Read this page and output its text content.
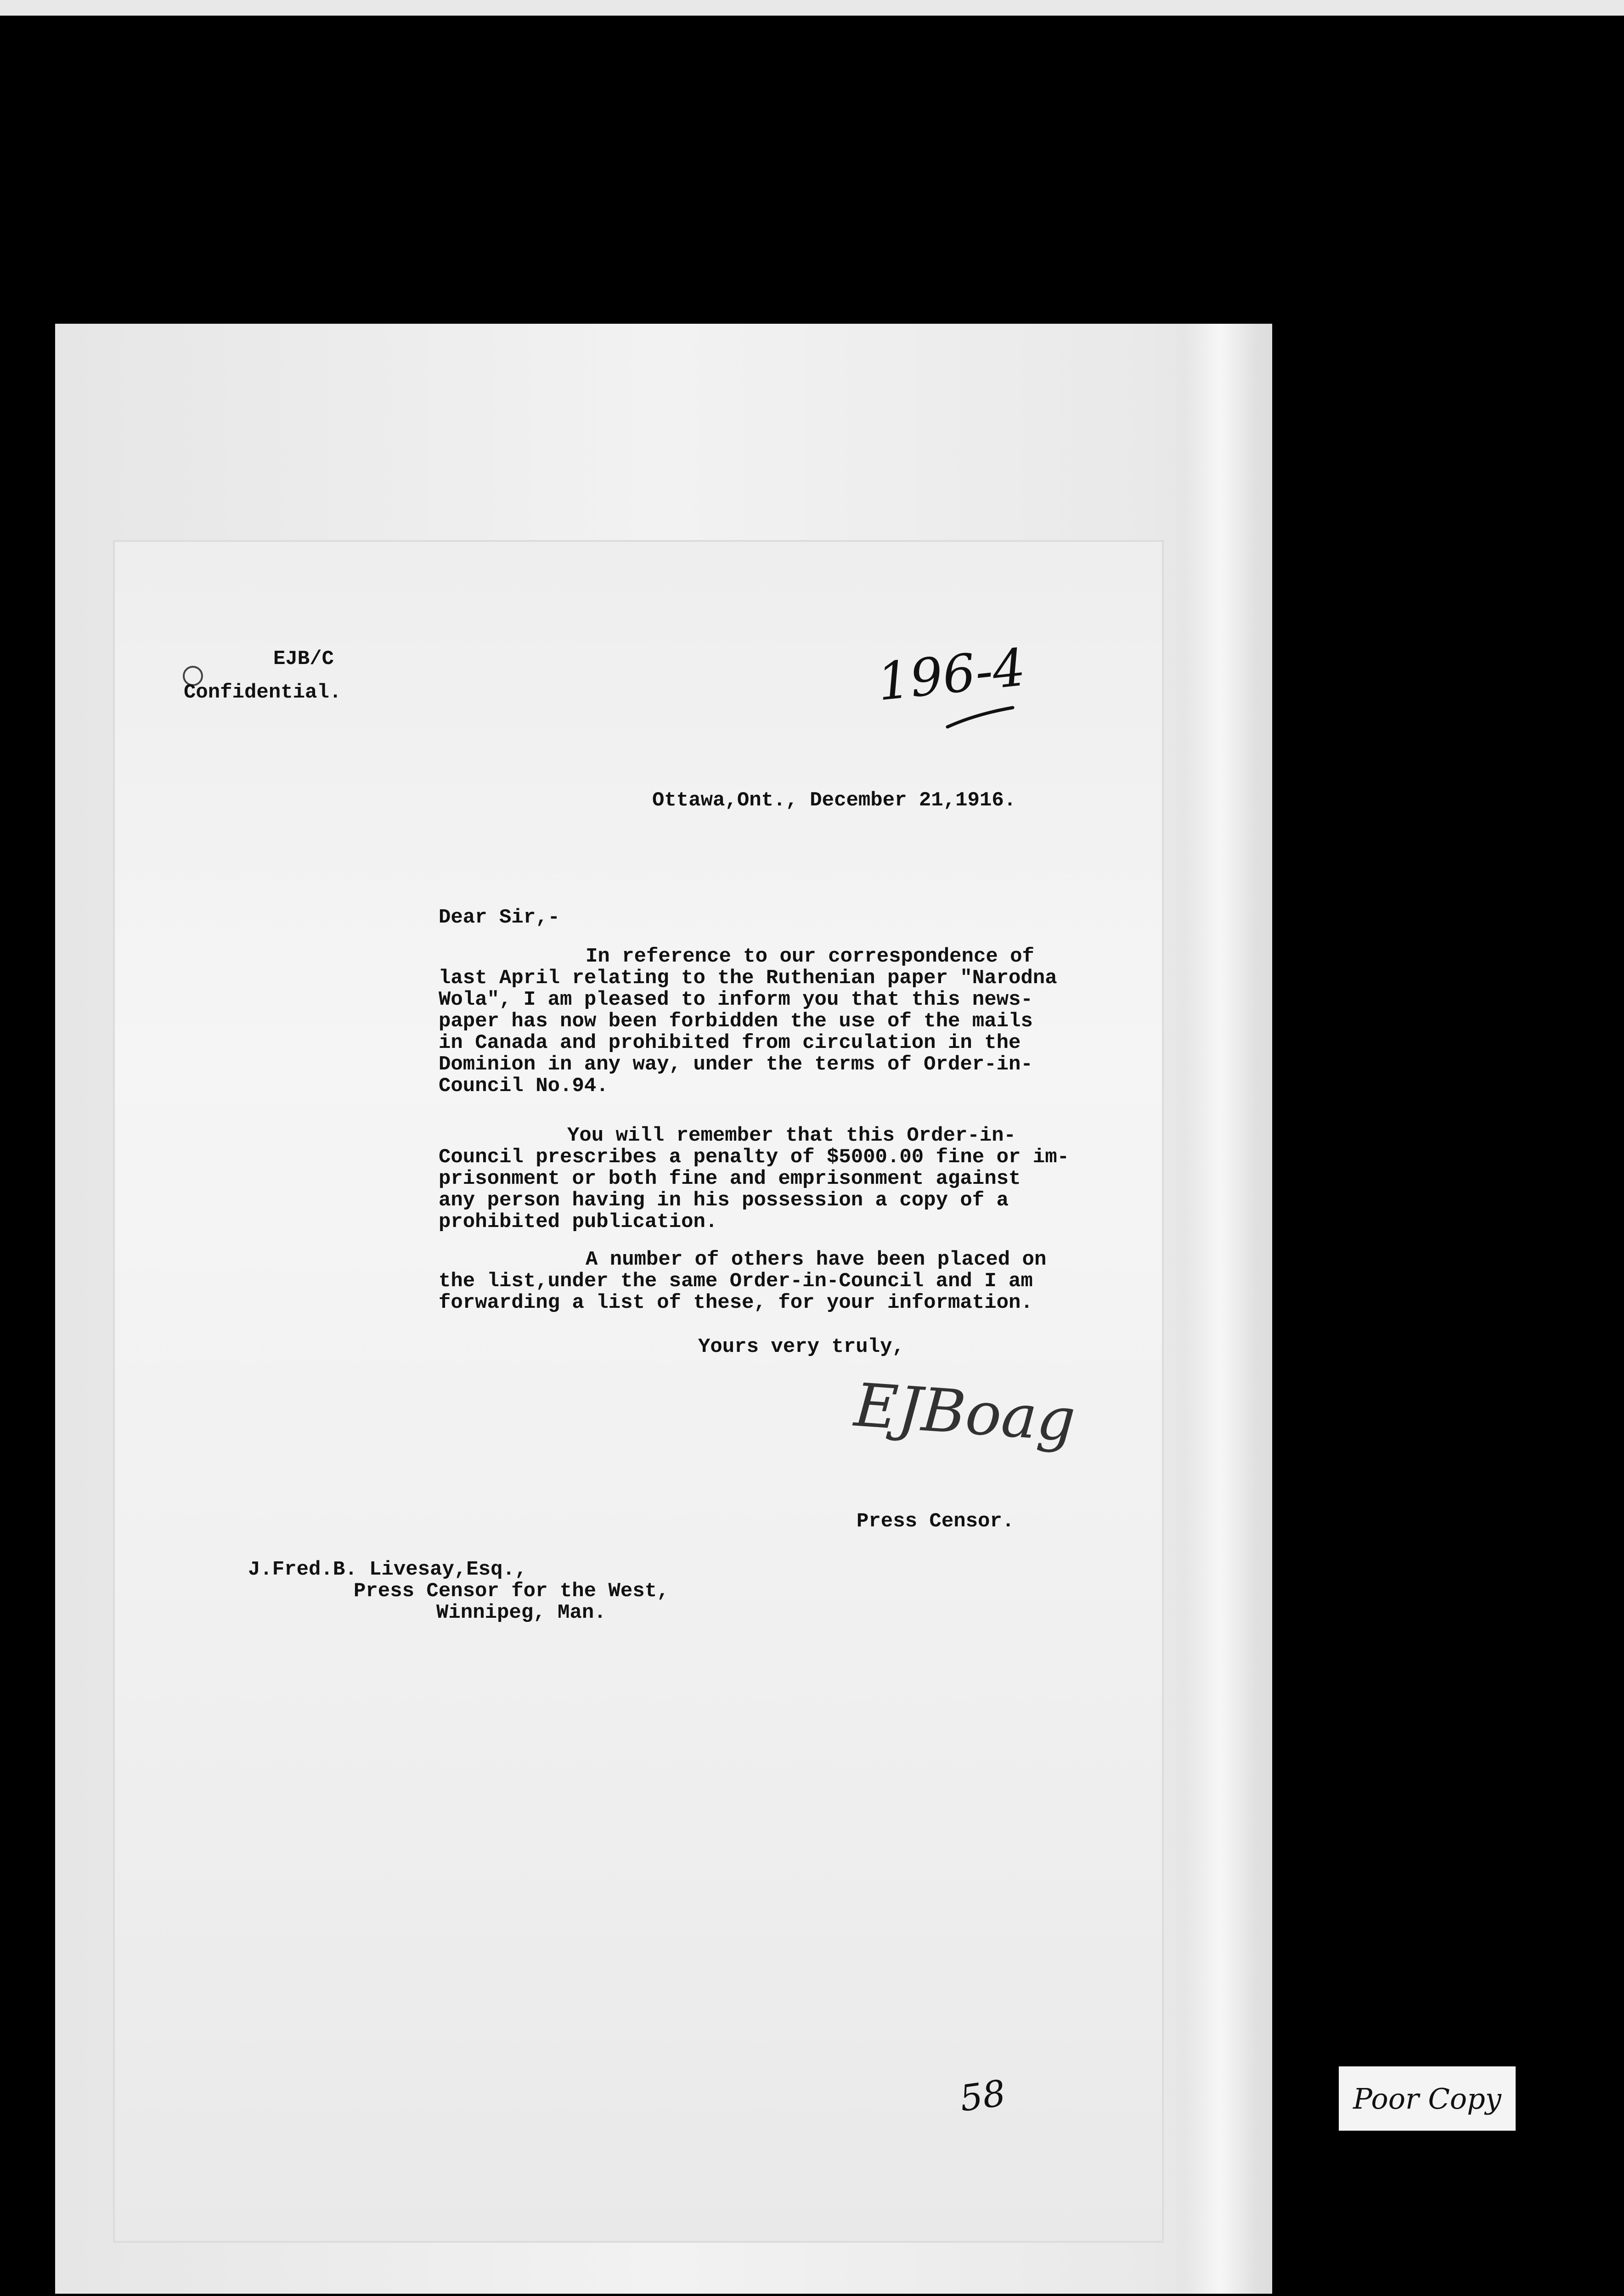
EJB/C
Confidential.	196-4
Ottawa,Ont., December 21,1916.
Dear Sir,-
In reference to our correspondence of
last April relating to the Ruthenian paper "Narodna
Wola", I am pleased to inform you that this news-
paper has now been forbidden the use of the mails
in Canada and prohibited from circulation in the
Dominion in any way, under the terms of Order-in-
Council No.94.
You will remember that this Order-in-
Council prescribes a penalty of $5000.00 fine or im-
prisonment or both fine and emprisonment against
any person having in his possession a copy of a
prohibited publication.
A number of others have been placed on
the list,under the same Order-in-Council and I am
forwarding a list of these, for your information.
Yours very truly,
EJBoag
Press Censor.
J.Fred.B. Livesay,Esq.,
Press Censor for the West,
Winnipeg, Man.
58	Poor Copy
